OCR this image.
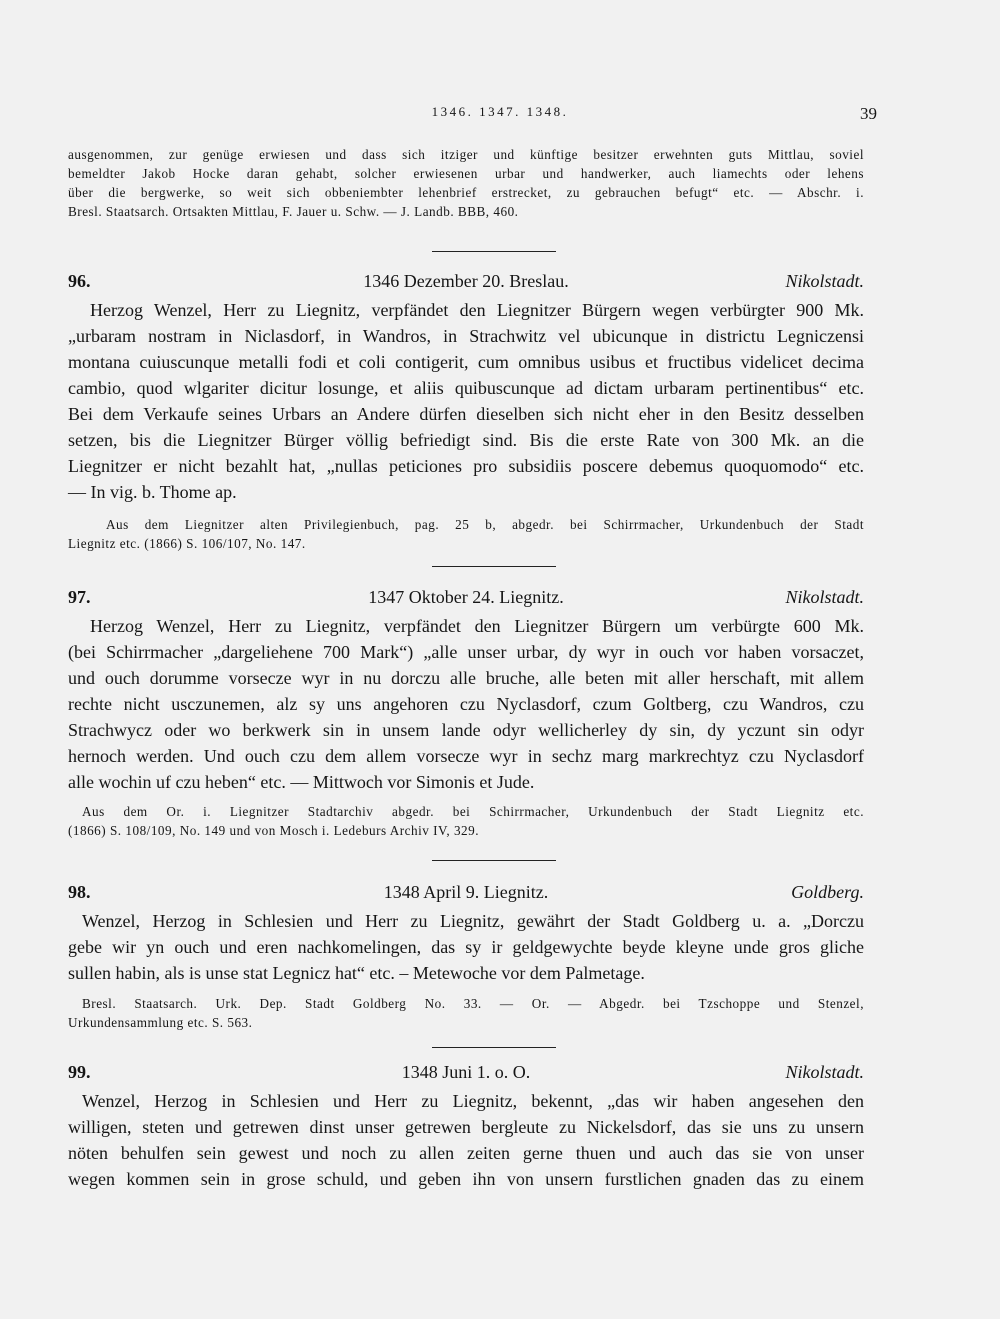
1346. 1347. 1348.	39
ausgenommen, zur genüge erwiesen und dass sich itziger und künftige besitzer erwehnten guts Mittlau, soviel
bemeldter Jakob Hocke daran gehabt, solcher erwiesenen urbar und handwerker, auch liamechts oder lehens
über die bergwerke, so weit sich obbeniembter lehenbrief erstrecket, zu gebrauchen befugt“ etc. — Abschr. i.
Bresl. Staatsarch. Ortsakten Mittlau, F. Jauer u. Schw. — J. Landb. BBB, 460.
96.	1346 Dezember 20. Breslau.	Nikolstadt.
Herzog Wenzel, Herr zu Liegnitz, verpfändet den Liegnitzer Bürgern wegen verbürgter 900 Mk.
„urbaram nostram in Niclasdorf, in Wandros, in Strachwitz vel ubicunque in districtu Legniczensi
montana cuiuscunque metalli fodi et coli contigerit, cum omnibus usibus et fructibus videlicet decima
cambio, quod wlgariter dicitur losunge, et aliis quibuscunque ad dictam urbaram pertinentibus“ etc.
Bei dem Verkaufe seines Urbars an Andere dürfen dieselben sich nicht eher in den Besitz desselben
setzen, bis die Liegnitzer Bürger völlig befriedigt sind. Bis die erste Rate von 300 Mk. an die
Liegnitzer er nicht bezahlt hat, „nullas peticiones pro subsidiis poscere debemus quoquomodo“ etc.
— In vig. b. Thome ap.
Aus dem Liegnitzer alten Privilegienbuch, pag. 25 b, abgedr. bei Schirrmacher, Urkundenbuch der Stadt
Liegnitz etc. (1866) S. 106/107, No. 147.
97.	1347 Oktober 24. Liegnitz.	Nikolstadt.
Herzog Wenzel, Herr zu Liegnitz, verpfändet den Liegnitzer Bürgern um verbürgte 600 Mk.
(bei Schirrmacher „dargeliehene 700 Mark“) „alle unser urbar, dy wyr in ouch vor haben vorsaczet,
und ouch dorumme vorsecze wyr in nu dorczu alle bruche, alle beten mit aller herschaft, mit allem
rechte nicht usczunemen, alz sy uns angehoren czu Nyclasdorf, czum Goltberg, czu Wandros, czu
Strachwycz oder wo berkwerk sin in unsem lande odyr wellicherley dy sin, dy yczunt sin odyr
hernoch werden. Und ouch czu dem allem vorsecze wyr in sechz marg markrechtyz czu Nyclasdorf
alle wochin uf czu heben“ etc. — Mittwoch vor Simonis et Jude.
Aus dem Or. i. Liegnitzer Stadtarchiv abgedr. bei Schirrmacher, Urkundenbuch der Stadt Liegnitz etc.
(1866) S. 108/109, No. 149 und von Mosch i. Ledeburs Archiv IV, 329.
98.	1348 April 9. Liegnitz.	Goldberg.
Wenzel, Herzog in Schlesien und Herr zu Liegnitz, gewährt der Stadt Goldberg u. a. „Dorczu
gebe wir yn ouch und eren nachkomelingen, das sy ir geldgewychte beyde kleyne unde gros gliche
sullen habin, als is unse stat Legnicz hat“ etc. – Metewoche vor dem Palmetage.
Bresl. Staatsarch. Urk. Dep. Stadt Goldberg No. 33. — Or. — Abgedr. bei Tzschoppe und Stenzel,
Urkundensammlung etc. S. 563.
99.	1348 Juni 1. o. O.	Nikolstadt.
Wenzel, Herzog in Schlesien und Herr zu Liegnitz, bekennt, „das wir haben angesehen den
willigen, steten und getrewen dinst unser getrewen bergleute zu Nickelsdorf, das sie uns zu unsern
nöten behulfen sein gewest und noch zu allen zeiten gerne thuen und auch das sie von unser
wegen kommen sein in grose schuld, und geben ihn von unsern furstlichen gnaden das zu einem
